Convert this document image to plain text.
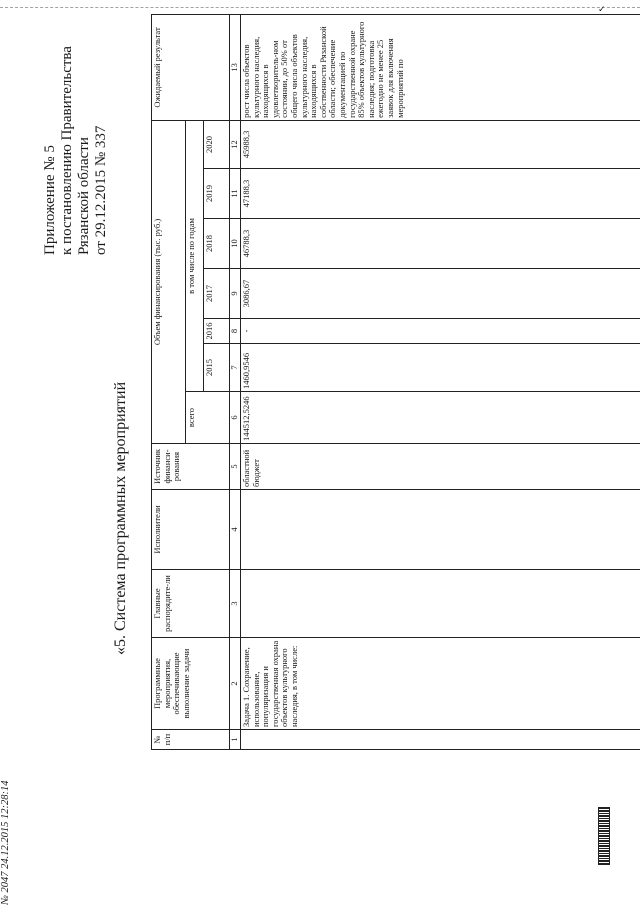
✓
Приложение № 5 к постановлению Правительства Рязанской области от 29.12.2015 № 337
«5. Система программных мероприятий
№ п/п	Программные мероприятия, обеспечивающие выполнение задачи	Главные распорядите-ли	Исполнители	Источник финанси-рования	Объем финансирования (тыс. руб.)							Ожидаемый результат
					всего	в том числе по годам						
						2015	2016	2017	2018	2019	2020	
1	2	3	4	5	6	7	8	9	10	11	12	13
	Задача 1. Сохранение, использование, популяризация и государственная охрана объектов культурного наследия, в том числе:			областной бюджет	144512,5246	1460,9546	-	3086,67	46788,3	47188,3	45988,3	рост числа объектов культурного наследия, находящихся в удовлетворитель-ном состоянии, до 50% от общего числа объектов культурного наследия, находящихся в собственности Рязанской области; обеспечение документацией по государственной охране 85% объектов культурного наследия; подготовка ежегодно не менее 25 заявок для включения мероприятий по
№ 2047 24.12.2015 12:28:14
